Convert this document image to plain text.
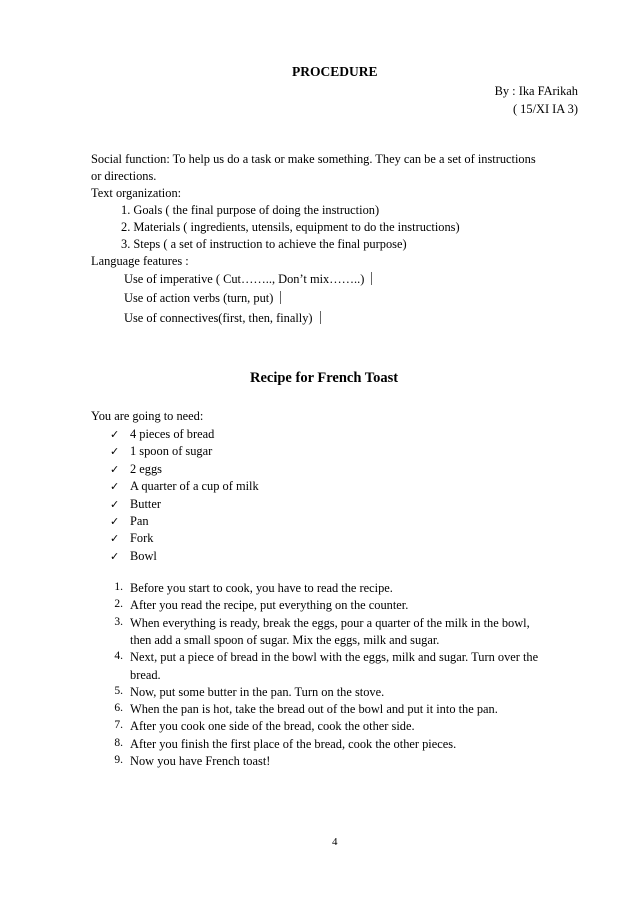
PROCEDURE
By : Ika FArikah
( 15/XI IA 3)
Social function: To help us do a task or make something. They can be a set of instructions
or directions.
Text organization:
1. Goals ( the final purpose of doing the instruction)
2. Materials ( ingredients, utensils, equipment to do the instructions)
3. Steps ( a set of instruction to achieve the final purpose)
Language features :
Use of imperative ( Cut…….., Don’t mix……..)
Use of action verbs (turn, put)
Use of connectives(first, then, finally)
Recipe for French Toast
You are going to need:
✓ 4 pieces of bread
✓ 1 spoon of sugar
✓ 2 eggs
✓ A quarter of a cup of milk
✓ Butter
✓ Pan
✓ Fork
✓ Bowl
1. Before you start to cook, you have to read the recipe.
2. After you read the recipe, put everything on the counter.
3. When everything is ready, break the eggs, pour a quarter of the milk in the bowl,
then add a small spoon of sugar. Mix the eggs, milk and sugar.
4. Next, put a piece of bread in the bowl with the eggs, milk and sugar. Turn over the
bread.
5. Now, put some butter in the pan. Turn on the stove.
6. When the pan is hot, take the bread out of the bowl and put it into the pan.
7. After you cook one side of the bread, cook the other side.
8. After you finish the first place of the bread, cook the other pieces.
9. Now you have French toast!
4
